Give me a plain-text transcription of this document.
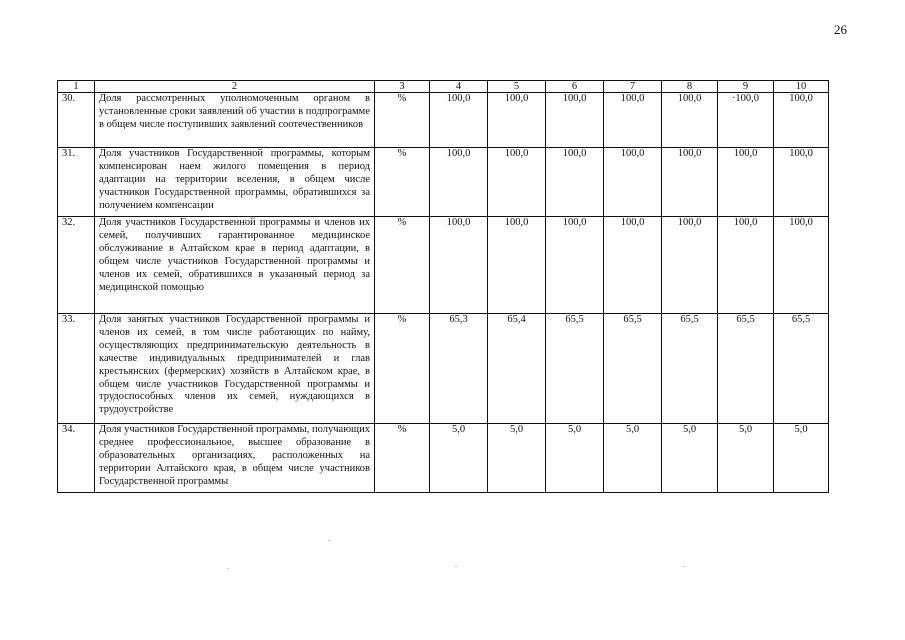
26
1	2	3	4	5	6	7	8	9	10
30.	Доля рассмотренных уполномоченным органом в установленные сроки заявлений об участии в подпрограмме в общем числе поступивших заявлений соотечественников	%	100,0	100,0	100,0	100,0	100,0	·100,0	100,0
31.	Доля участников Государственной программы, которым компенсирован наем жилого помещения в период адаптации на территории вселения, в общем числе участников Государственной программы, обратившихся за получением компенсации	%	100,0	100,0	100,0	100,0	100,0	100,0	100,0
32.	Доля участников Государственной программы и членов их семей, получивших гарантированное медицинское обслуживание в Алтайском крае в период адаптации, в общем числе участников Государственной программы и членов их семей, обратившихся в указанный период за медицинской помощью	%	100,0	100,0	100,0	100,0	100,0	100,0	100,0
33.	Доля занятых участников Государственной программы и членов их семей, в том числе работающих по найму, осуществляющих предпринимательскую деятельность в качестве индивидуальных предпринимателей и глав крестьянских (фермерских) хозяйств в Алтайском крае, в общем числе участников Государственной программы и трудоспособных членов их семей, нуждающихся в трудоустройстве	%	65,3	65,4	65,5	65,5	65,5	65,5	65,5
34.	Доля участников Государственной программы, получающих среднее профессиональное, высшее образование в образовательных организациях, расположенных на территории Алтайского края, в общем числе участников Государственной программы	%	5,0	5,0	5,0	5,0	5,0	5,0	5,0
